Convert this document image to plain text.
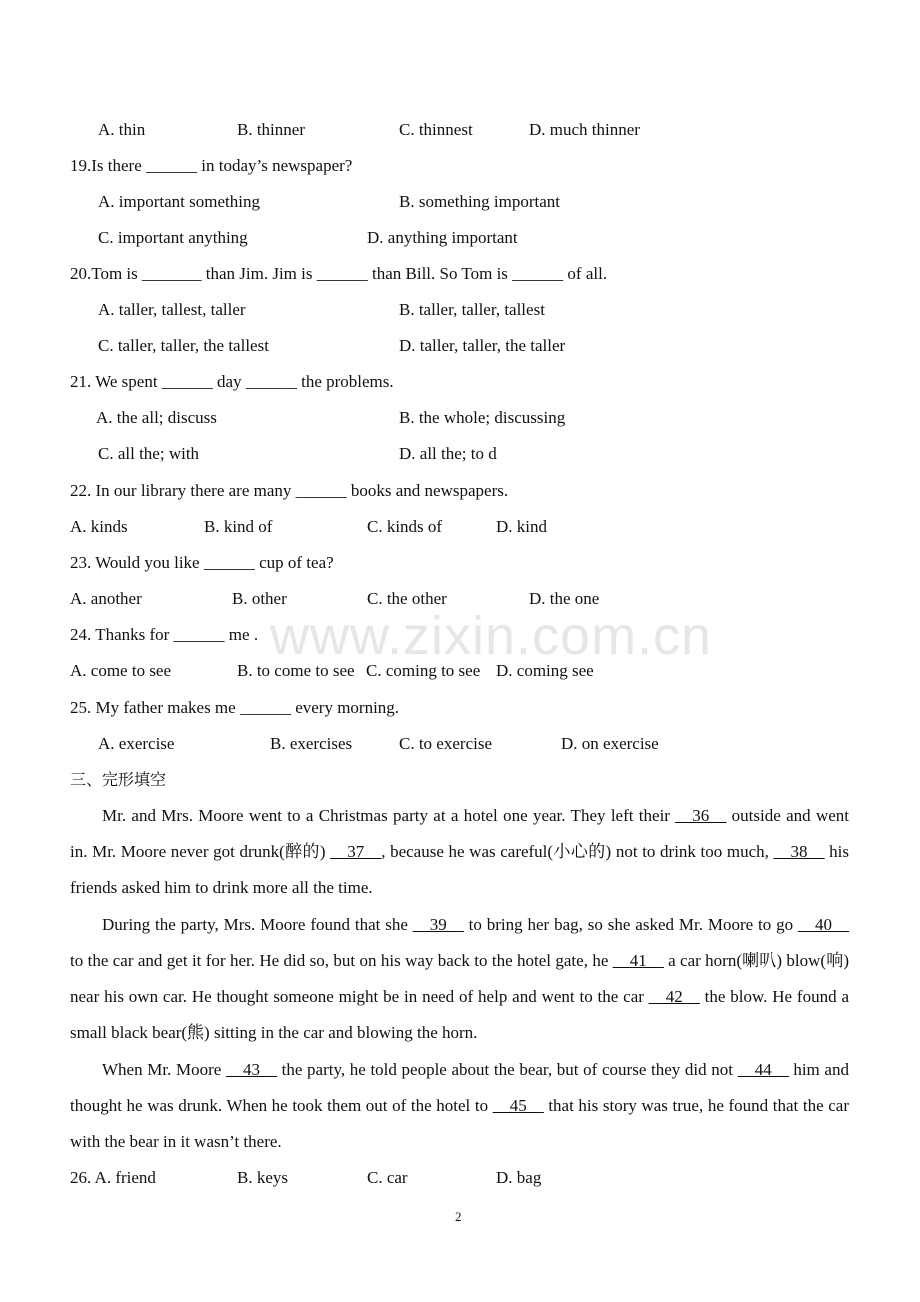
www.zixin.com.cn
A. thin	B. thinner	C. thinnest	D. much thinner
19.Is there ______ in today’s newspaper?
A. important something	B. something important
C. important anything	D. anything important
20.Tom is _______ than Jim. Jim is ______ than Bill. So Tom is ______ of all.
A. taller, tallest, taller	B. taller, taller, tallest
C. taller, taller, the tallest	D. taller, taller, the taller
21. We spent ______ day ______ the problems.
A. the all; discuss	B. the whole; discussing
C. all the; with	D. all the; to d
22. In our library there are many ______ books and newspapers.
A. kinds	B. kind of	C. kinds of	D. kind
23. Would you like ______ cup of tea?
A. another	B. other	C. the other	D. the one
24. Thanks for ______ me .
A. come to see	B. to come to see C. coming to see D. coming see
25. My father makes me ______ every morning.
A. exercise	B. exercises	C. to exercise	D. on exercise
三、完形填空
Mr. and Mrs. Moore went to a Christmas party at a hotel one year. They left their __36__ outside and went in. Mr. Moore never got drunk(醉的) __37__, because he was careful(小心的) not to drink too much, __38__ his friends asked him to drink more all the time.
During the party, Mrs. Moore found that she __39__ to bring her bag, so she asked Mr. Moore to go __40__ to the car and get it for her. He did so, but on his way back to the hotel gate, he __41__ a car horn(喇叭) blow(响) near his own car. He thought someone might be in need of help and went to the car __42__ the blow. He found a small black bear(熊) sitting in the car and blowing the horn.
When Mr. Moore __43__ the party, he told people about the bear, but of course they did not __44__ him and thought he was drunk. When he took them out of the hotel to __45__ that his story was true, he found that the car with the bear in it wasn’t there.
26. A. friend	B. keys	C. car	D. bag
2
